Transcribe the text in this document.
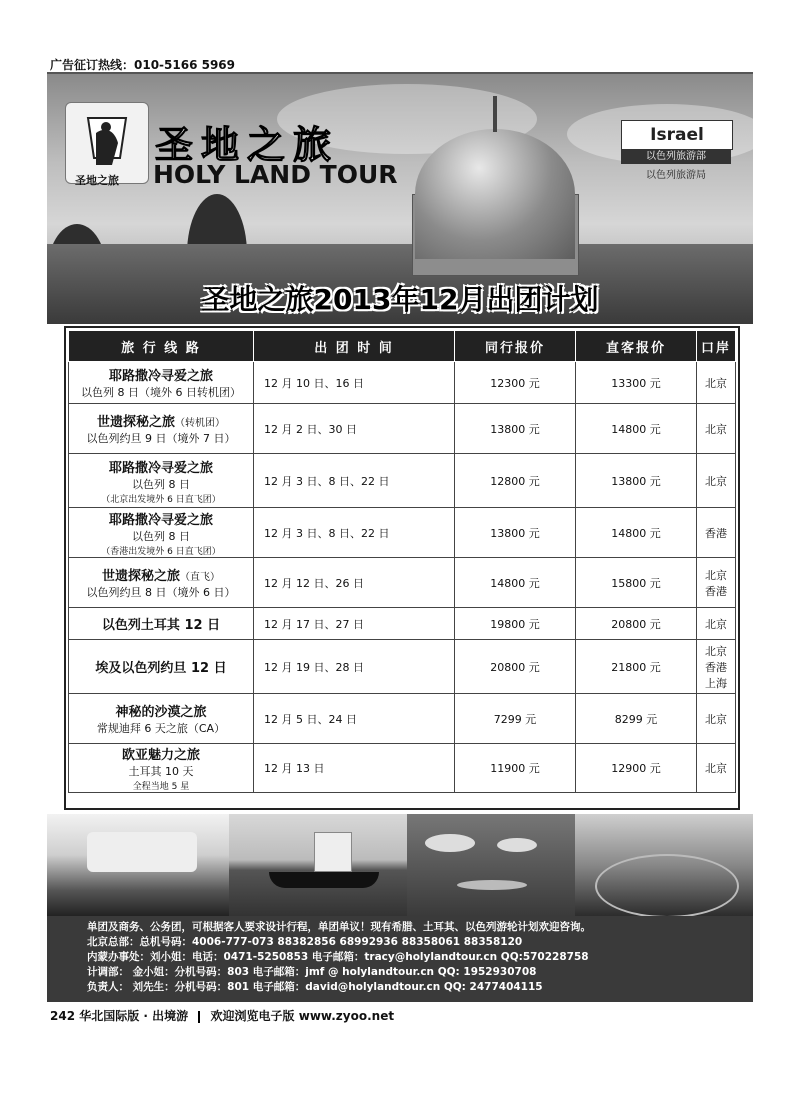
广告征订热线：010-5166 5969
圣地之旅
圣地之旅
HOLY LAND TOUR
Israel
以色列旅游部
以色列旅游局
圣地之旅2013年12月出团计划
旅 行 线 路	出 团 时 间	同行报价	直客报价	口岸

耶路撒冷寻爱之旅
以色列 8 日（境外 6 日转机团）	12 月 10 日、16 日	12300 元	13300 元	北京

世遗探秘之旅（转机团）
以色列约旦 9 日（境外 7 日）	12 月 2 日、30 日	13800 元	14800 元	北京

耶路撒冷寻爱之旅
以色列 8 日
（北京出发境外 6 日直飞团）	12 月 3 日、8 日、22 日	12800 元	13800 元	北京

耶路撒冷寻爱之旅
以色列 8 日
（香港出发境外 6 日直飞团）	12 月 3 日、8 日、22 日	13800 元	14800 元	香港

世遗探秘之旅（直飞）
以色列约旦 8 日（境外 6 日）	12 月 12 日、26 日	14800 元	15800 元	北京
香港

以色列土耳其 12 日	12 月 17 日、27 日	19800 元	20800 元	北京

埃及以色列约旦 12 日	12 月 19 日、28 日	20800 元	21800 元	北京
香港
上海

神秘的沙漠之旅
常规迪拜 6 天之旅（CA）	12 月 5 日、24 日	7299 元	8299 元	北京

欧亚魅力之旅
土耳其 10 天
全程当地 5 星	12 月 13 日	11900 元	12900 元	北京
单团及商务、公务团，可根据客人要求设计行程，单团单议！现有希腊、土耳其、以色列游轮计划欢迎咨询。
北京总部：总机号码：4006-777-073 88382856 68992936 88358061 88358120
内蒙办事处：刘小姐：电话：0471-5250853 电子邮箱：tracy@holylandtour.cn QQ:570228758
计调部： 金小姐：分机号码：803 电子邮箱：jmf @ holylandtour.cn QQ: 1952930708
负责人： 刘先生：分机号码：801 电子邮箱：david@holylandtour.cn QQ: 2477404115
242 华北国际版 · 出境游 欢迎浏览电子版 www.zyoo.net
